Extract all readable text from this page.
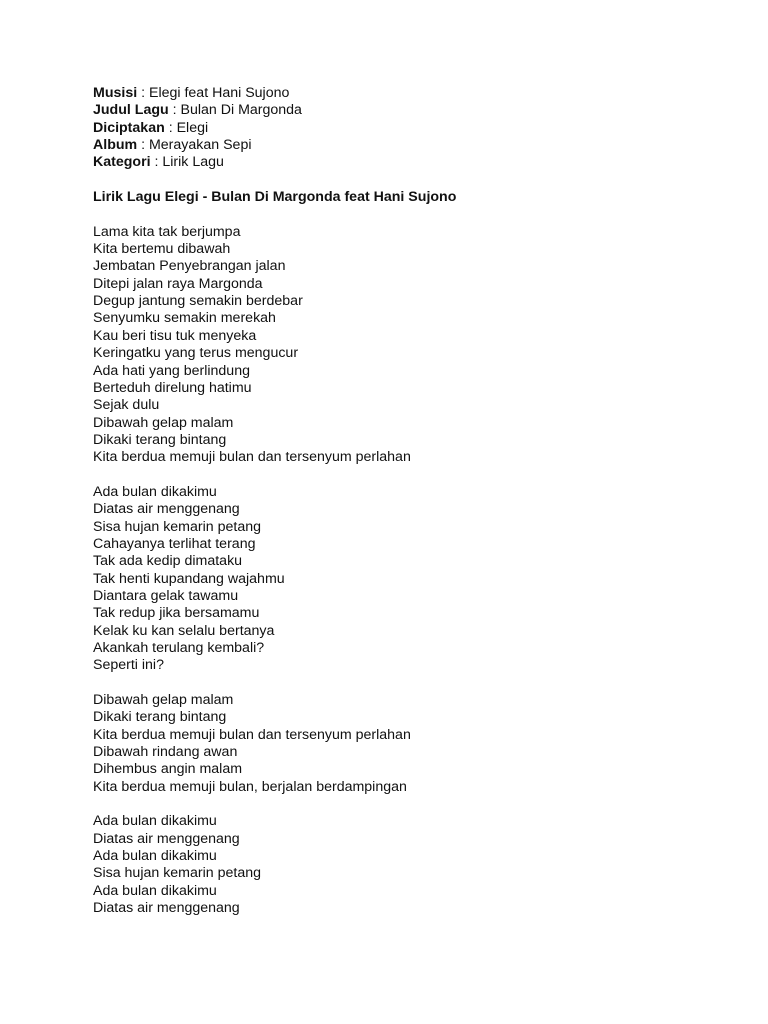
Musisi : Elegi feat Hani Sujono
Judul Lagu : Bulan Di Margonda
Diciptakan : Elegi
Album : Merayakan Sepi
Kategori : Lirik Lagu
Lirik Lagu Elegi - Bulan Di Margonda feat Hani Sujono
Lama kita tak berjumpa
Kita bertemu dibawah
Jembatan Penyebrangan jalan
Ditepi jalan raya Margonda
Degup jantung semakin berdebar
Senyumku semakin merekah
Kau beri tisu tuk menyeka
Keringatku yang terus mengucur
Ada hati yang berlindung
Berteduh direlung hatimu
Sejak dulu
Dibawah gelap malam
Dikaki terang bintang
Kita berdua memuji bulan dan tersenyum perlahan
Ada bulan dikakimu
Diatas air menggenang
Sisa hujan kemarin petang
Cahayanya terlihat terang
Tak ada kedip dimataku
Tak henti kupandang wajahmu
Diantara gelak tawamu
Tak redup jika bersamamu
Kelak ku kan selalu bertanya
Akankah terulang kembali?
Seperti ini?
Dibawah gelap malam
Dikaki terang bintang
Kita berdua memuji bulan dan tersenyum perlahan
Dibawah rindang awan
Dihembus angin malam
Kita berdua memuji bulan, berjalan berdampingan
Ada bulan dikakimu
Diatas air menggenang
Ada bulan dikakimu
Sisa hujan kemarin petang
Ada bulan dikakimu
Diatas air menggenang
